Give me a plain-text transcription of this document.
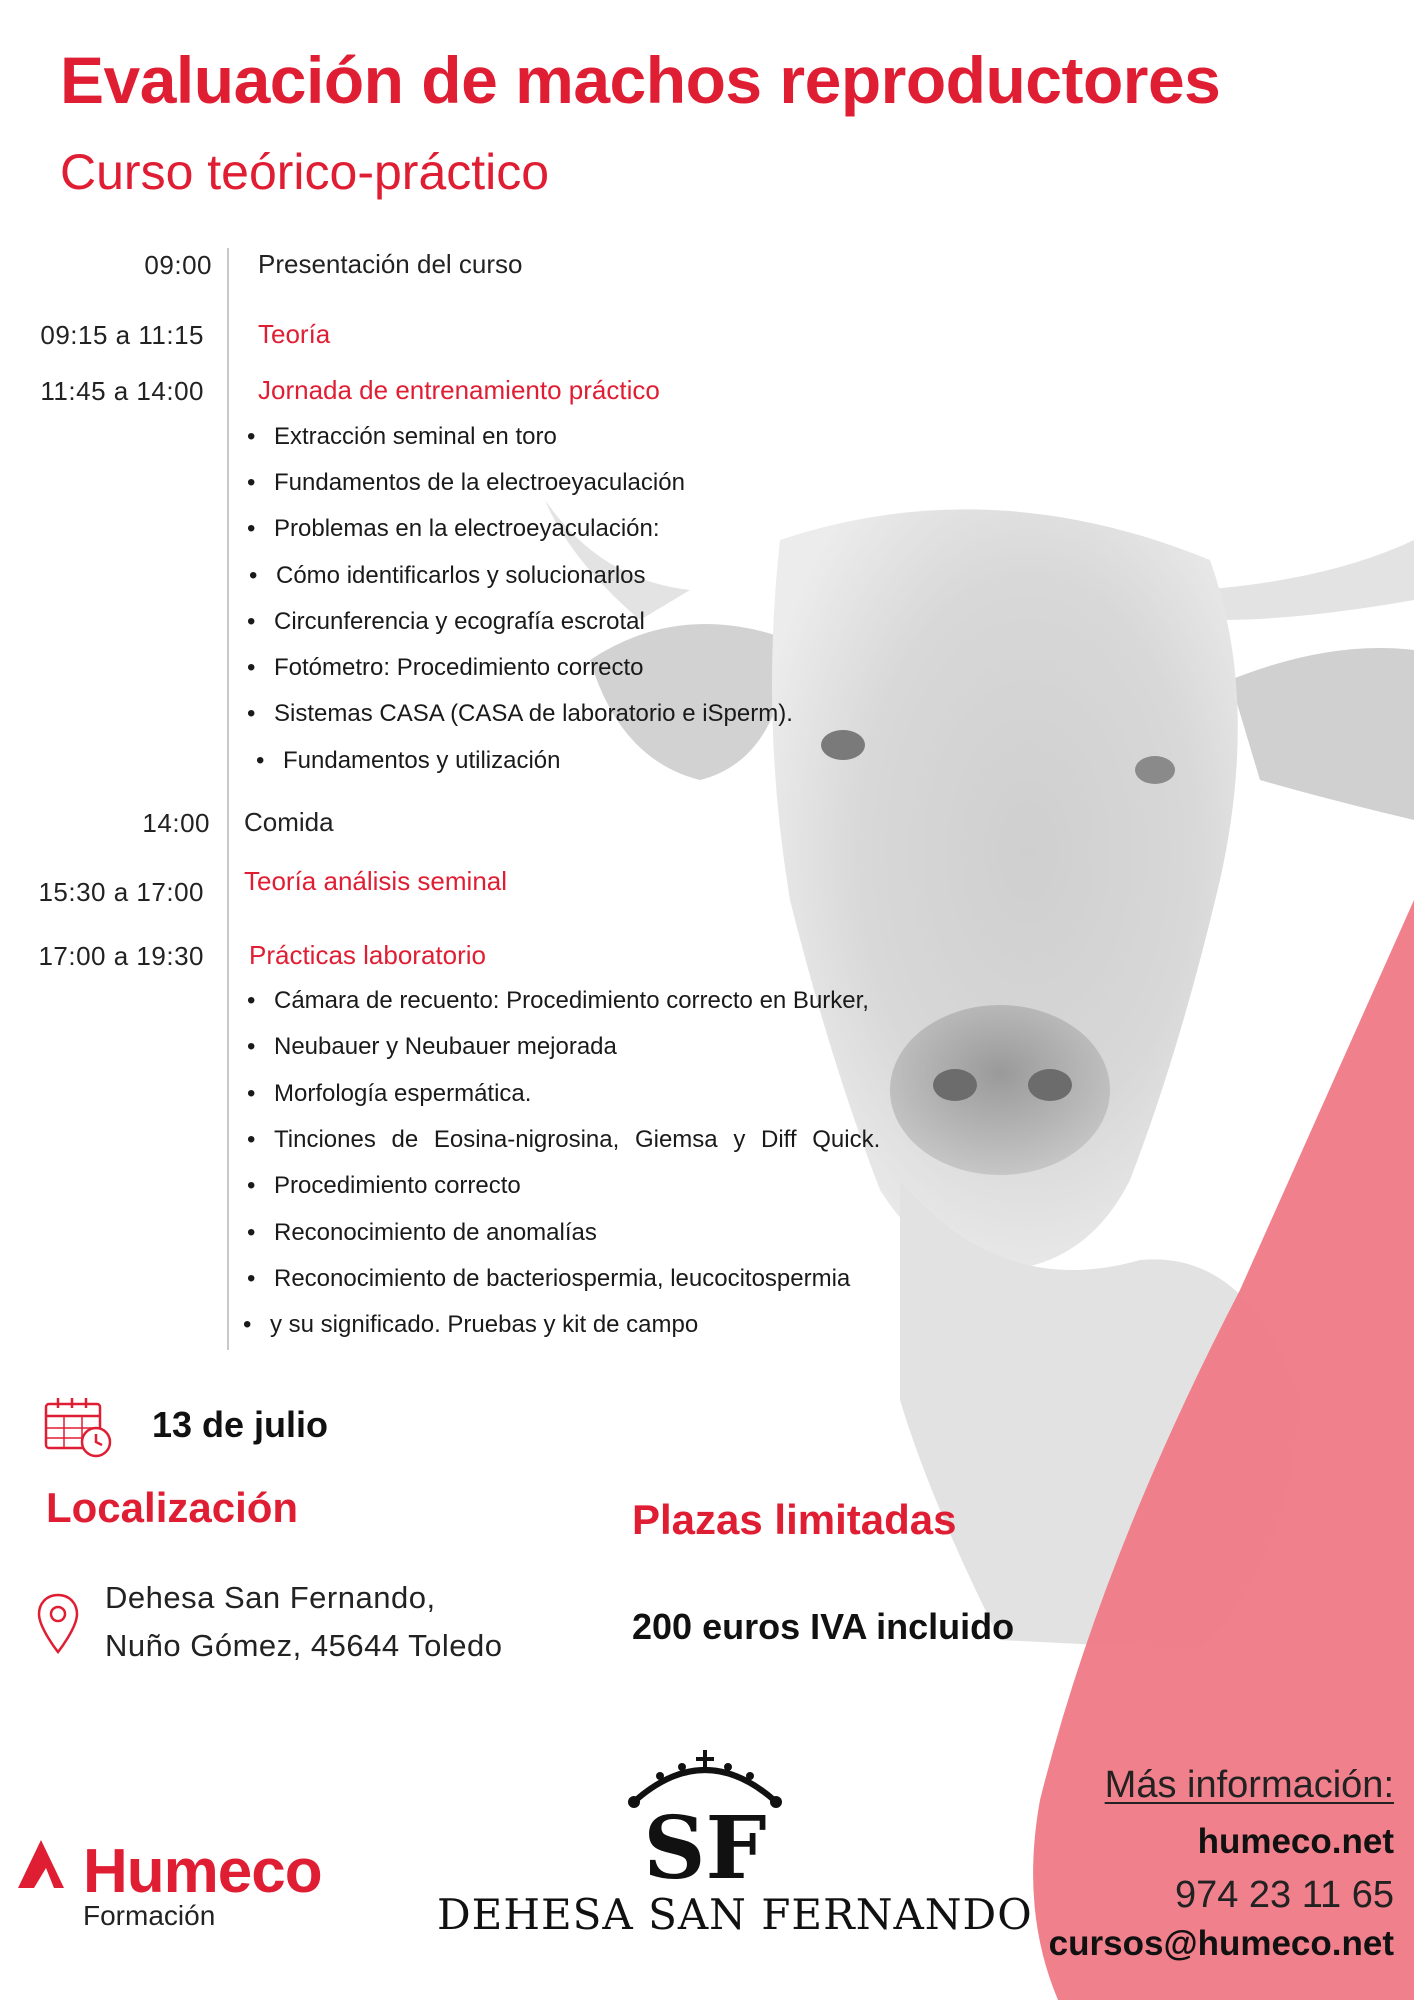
Evaluación de machos reproductores
Curso teórico-práctico
09:00 Presentación del curso
09:15 a 11:15 Teoría
11:45 a 14:00 Jornada de entrenamiento práctico
• Extracción seminal en toro
• Fundamentos de la electroeyaculación
• Problemas en la electroeyaculación:
• Cómo identificarlos y solucionarlos
• Circunferencia y ecografía escrotal
• Fotómetro: Procedimiento correcto
• Sistemas CASA (CASA de laboratorio e iSperm).
• Fundamentos y utilización
14:00 Comida
15:30 a 17:00 Teoría análisis seminal
17:00 a 19:30 Prácticas laboratorio
• Cámara de recuento: Procedimiento correcto en Burker,
• Neubauer y Neubauer mejorada
• Morfología espermática.
• Tinciones de Eosina-nigrosina, Giemsa y Diff Quick.
• Procedimiento correcto
• Reconocimiento de anomalías
• Reconocimiento de bacteriospermia, leucocitospermia
• y su significado. Pruebas y kit de campo
13 de julio
Localización
Dehesa San Fernando,
Nuño Gómez, 45644 Toledo
Plazas limitadas
200 euros IVA incluido
SF
DEHESA SAN FERNANDO
Humeco
Formación
Más información:
humeco.net
974 23 11 65
cursos@humeco.net
